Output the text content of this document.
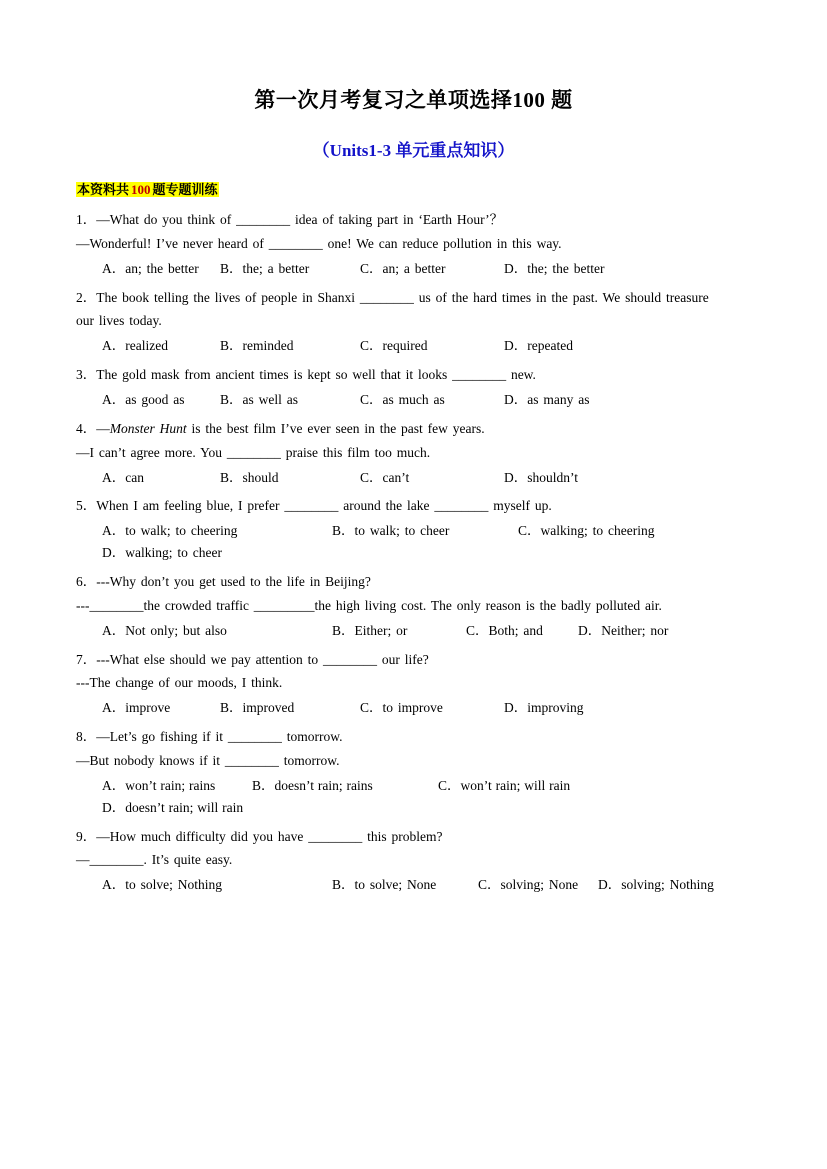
第一次月考复习之单项选择100 题
（Units1-3 单元重点知识）
本资料共 100 题专题训练
1．—What do you think of ________ idea of taking part in ‘Earth Hour’？
—Wonderful! I’ve never heard of ________ one! We can reduce pollution in this way.
A．an; the better B．the; a better	C．an; a better	D．the; the better
2．The book telling the lives of people in Shanxi ________ us of the hard times in the past. We should treasure
our lives today.
A．realized	B．reminded	C．required	D．repeated
3．The gold mask from ancient times is kept so well that it looks ________ new.
A．as good as	B．as well as	C．as much as	D．as many as
4．—Monster Hunt is the best film I’ve ever seen in the past few years.
—I can’t agree more. You ________ praise this film too much.
A．can	B．should	C．can’t	D．shouldn’t
5．When I am feeling blue, I prefer ________ around the lake ________ myself up.
A．to walk; to cheering	B．to walk; to cheer	C．walking; to cheering D．walking; to cheer
6．---Why don’t you get used to the life in Beijing?
---________the crowded traffic _________the high living cost. The only reason is the badly polluted air.
A．Not only; but also	B．Either; or	C．Both; and	D．Neither; nor
7．---What else should we pay attention to ________ our life?
---The change of our moods, I think.
A．improve	B．improved	C．to improve	D．improving
8．—Let’s go fishing if it ________ tomorrow.
—But nobody knows if it ________ tomorrow.
A．won’t rain; rains	B．doesn’t rain; rains	C．won’t rain; will rainD．doesn’t rain; will rain
9．—How much difficulty did you have ________ this problem?
—________. It’s quite easy.
A．to solve; Nothing	B．to solve; None	C．solving; None D．solving; Nothing
